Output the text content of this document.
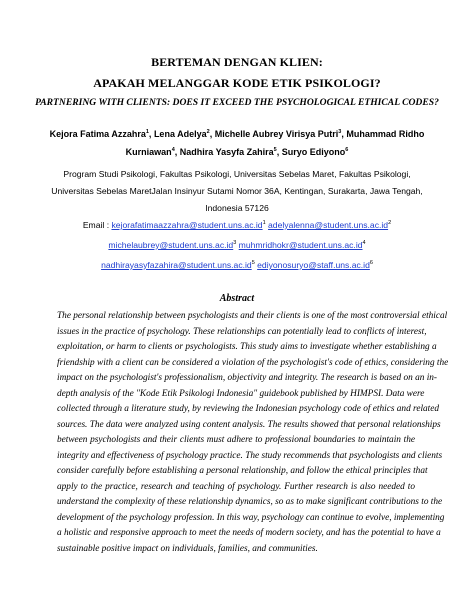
BERTEMAN DENGAN KLIEN:
APAKAH MELANGGAR KODE ETIK PSIKOLOGI?
PARTNERING WITH CLIENTS: DOES IT EXCEED THE PSYCHOLOGICAL ETHICAL CODES?
Kejora Fatima Azzahra$^1$, Lena Adelya$^2$, Michelle Aubrey Virisya Putri$^3$, Muhammad Ridho
Kurniawan$^4$, Nadhira Yasyfa Zahira$^5$, Suryo Ediyono$^6$
Program Studi Psikologi, Fakultas Psikologi, Universitas Sebelas Maret, Fakultas Psikologi,
Universitas Sebelas MaretJalan Insinyur Sutami Nomor 36A, Kentingan, Surakarta, Jawa Tengah,
Indonesia 57126
Email : $kejorafatimaazzahra@student.uns.ac.id^1$ $adelyalenna@student.uns.ac.id^2$
$michelaubrey@student.uns.ac.id^3$ $muhmridhokr@student.uns.ac.id^4$
$nadhirayasyfazahira@student.uns.ac.id^5$ $ediyonosuryo@staff.uns.ac.id^6$
Abstract
The personal relationship between psychologists and their clients is one of the most controversial ethical
issues in the practice of psychology. These relationships can potentially lead to conflicts of interest,
exploitation, or harm to clients or psychologists. This study aims to investigate whether establishing a
friendship with a client can be considered a violation of the psychologist's code of ethics, considering the
impact on the psychologist's professionalism, objectivity and integrity. The research is based on an in-
depth analysis of the "Kode Etik Psikologi Indonesia" guidebook published by HIMPSI. Data were
collected through a literature study, by reviewing the Indonesian psychology code of ethics and related
sources. The data were analyzed using content analysis. The results showed that personal relationships
between psychologists and their clients must adhere to professional boundaries to maintain the
integrity and effectiveness of psychology practice. The study recommends that psychologists and clients
consider carefully before establishing a personal relationship, and follow the ethical principles that
apply to the practice, research and teaching of psychology. Further research is also needed to
understand the complexity of these relationship dynamics, so as to make significant contributions to the
development of the psychology profession. In this way, psychology can continue to evolve, implementing
a holistic and responsive approach to meet the needs of modern society, and has the potential to have a
sustainable positive impact on individuals, families, and communities.
